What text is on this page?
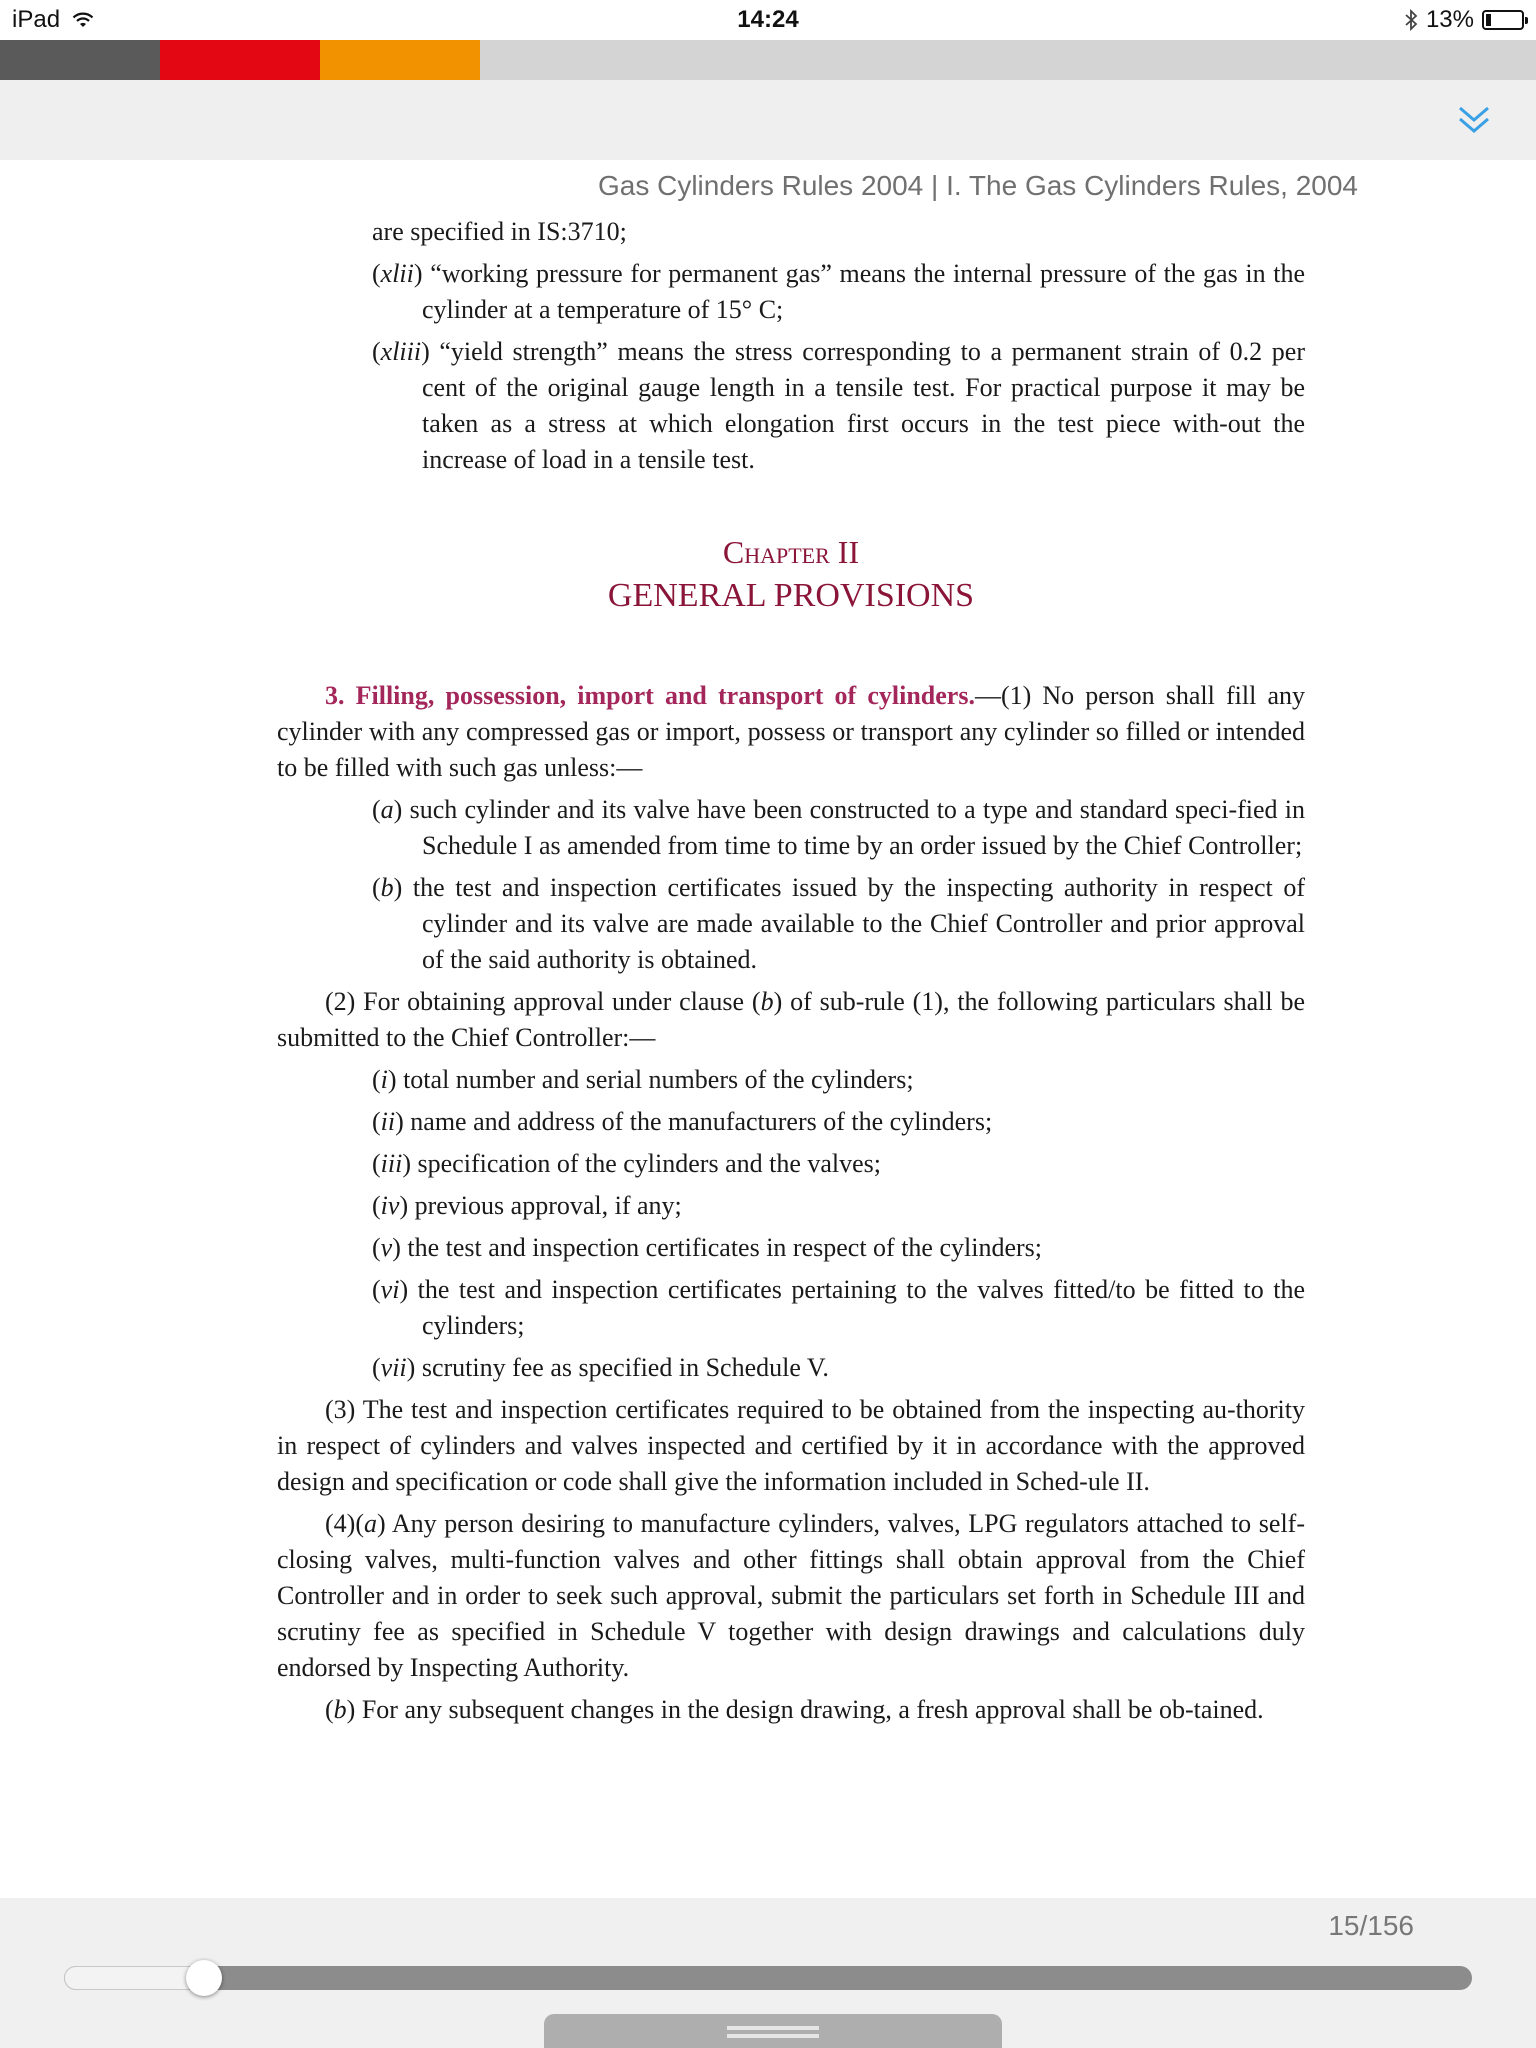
iPad	14:24	13%
Gas Cylinders Rules 2004 | I. The Gas Cylinders Rules, 2004

are specified in IS:3710;

(xlii) “working pressure for permanent gas” means the internal pressure of the gas in the cylinder at a temperature of 15° C;

(xliii) “yield strength” means the stress corresponding to a permanent strain of 0.2 per cent of the original gauge length in a tensile test. For practical purpose it may be taken as a stress at which elongation first occurs in the test piece with-out the increase of load in a tensile test.

Chapter II
GENERAL PROVISIONS

3. Filling, possession, import and transport of cylinders.—(1) No person shall fill any cylinder with any compressed gas or import, possess or transport any cylinder so filled or intended to be filled with such gas unless:—

(a) such cylinder and its valve have been constructed to a type and standard speci-fied in Schedule I as amended from time to time by an order issued by the Chief Controller;

(b) the test and inspection certificates issued by the inspecting authority in respect of cylinder and its valve are made available to the Chief Controller and prior approval of the said authority is obtained.

(2) For obtaining approval under clause (b) of sub-rule (1), the following particulars shall be submitted to the Chief Controller:—

(i) total number and serial numbers of the cylinders;

(ii) name and address of the manufacturers of the cylinders;

(iii) specification of the cylinders and the valves;

(iv) previous approval, if any;

(v) the test and inspection certificates in respect of the cylinders;

(vi) the test and inspection certificates pertaining to the valves fitted/to be fitted to the cylinders;

(vii) scrutiny fee as specified in Schedule V.

(3) The test and inspection certificates required to be obtained from the inspecting au-thority in respect of cylinders and valves inspected and certified by it in accordance with the approved design and specification or code shall give the information included in Sched-ule II.

(4)(a) Any person desiring to manufacture cylinders, valves, LPG regulators attached to self-closing valves, multi-function valves and other fittings shall obtain approval from the Chief Controller and in order to seek such approval, submit the particulars set forth in Schedule III and scrutiny fee as specified in Schedule V together with design drawings and calculations duly endorsed by Inspecting Authority.

(b) For any subsequent changes in the design drawing, a fresh approval shall be ob-tained.

15/156
